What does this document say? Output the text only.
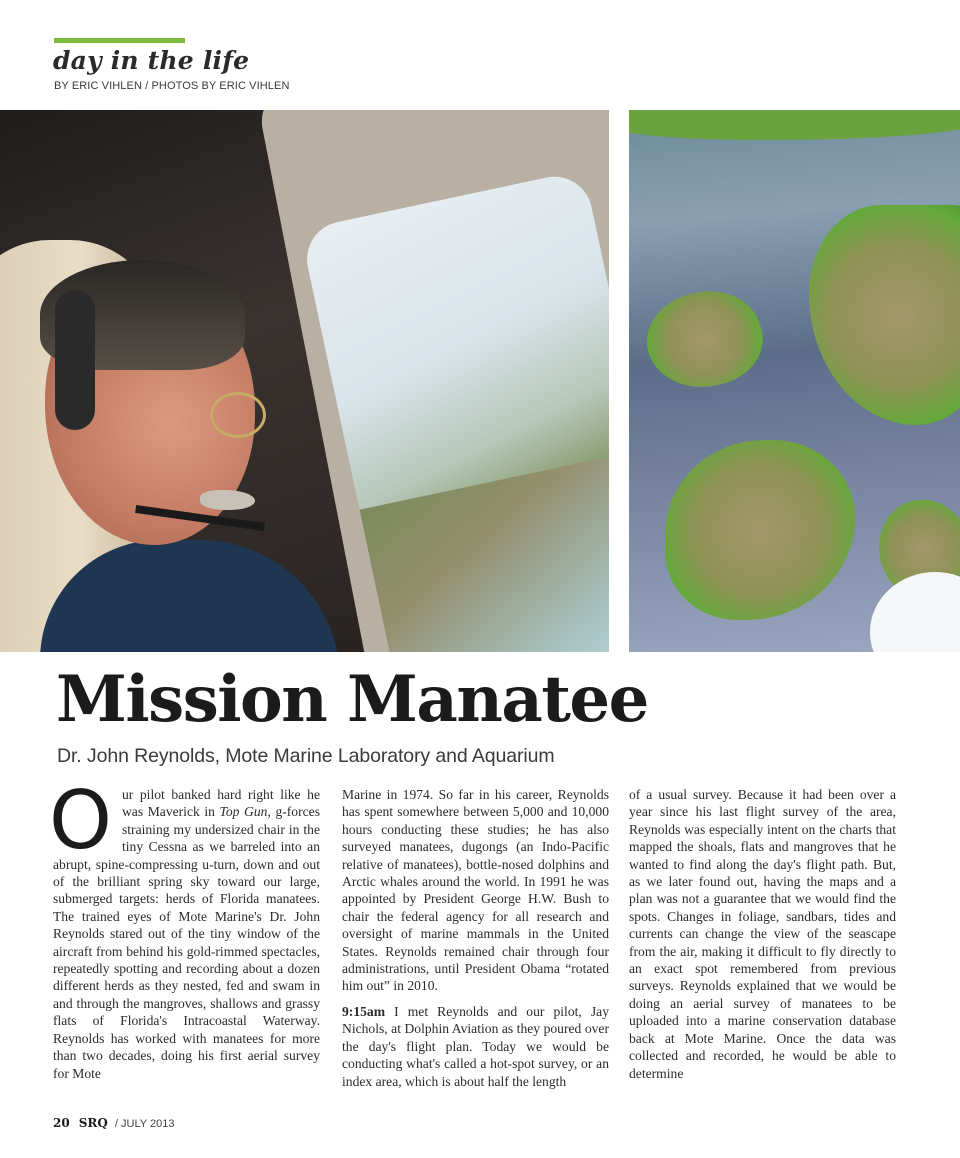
day in the life
BY ERIC VIHLEN / PHOTOS BY ERIC VIHLEN
Mission Manatee
Dr. John Reynolds, Mote Marine Laboratory and Aquarium
O ur pilot banked hard right like he was Maverick in Top Gun, g-forces straining my undersized chair in the tiny Cessna as we barreled into an abrupt, spine-compressing u-turn, down and out of the brilliant spring sky toward our large, submerged targets: herds of Florida manatees. The trained eyes of Mote Marine's Dr. John Reynolds stared out of the tiny window of the aircraft from behind his gold-rimmed spectacles, repeatedly spotting and recording about a dozen different herds as they nested, fed and swam in and through the mangroves, shallows and grassy flats of Florida's Intracoastal Waterway. Reynolds has worked with manatees for more than two decades, doing his first aerial survey for Mote

Marine in 1974. So far in his career, Reynolds has spent somewhere between 5,000 and 10,000 hours conducting these studies; he has also surveyed manatees, dugongs (an Indo-Pacific relative of manatees), bottle-nosed dolphins and Arctic whales around the world. In 1991 he was appointed by President George H.W. Bush to chair the federal agency for all research and oversight of marine mammals in the United States. Reynolds remained chair through four administrations, until President Obama “rotated him out” in 2010.

9:15am I met Reynolds and our pilot, Jay Nichols, at Dolphin Aviation as they poured over the day's flight plan. Today we would be conducting what's called a hot-spot survey, or an index area, which is about half the length

of a usual survey. Because it had been over a year since his last flight survey of the area, Reynolds was especially intent on the charts that mapped the shoals, flats and mangroves that he wanted to find along the day's flight path. But, as we later found out, having the maps and a plan was not a guarantee that we would find the spots. Changes in foliage, sandbars, tides and currents can change the view of the seascape from the air, making it difficult to fly directly to an exact spot remembered from previous surveys. Reynolds explained that we would be doing an aerial survey of manatees to be uploaded into a marine conservation database back at Mote Marine. Once the data was collected and recorded, he would be able to determine

20 SRQ / JULY 2013
